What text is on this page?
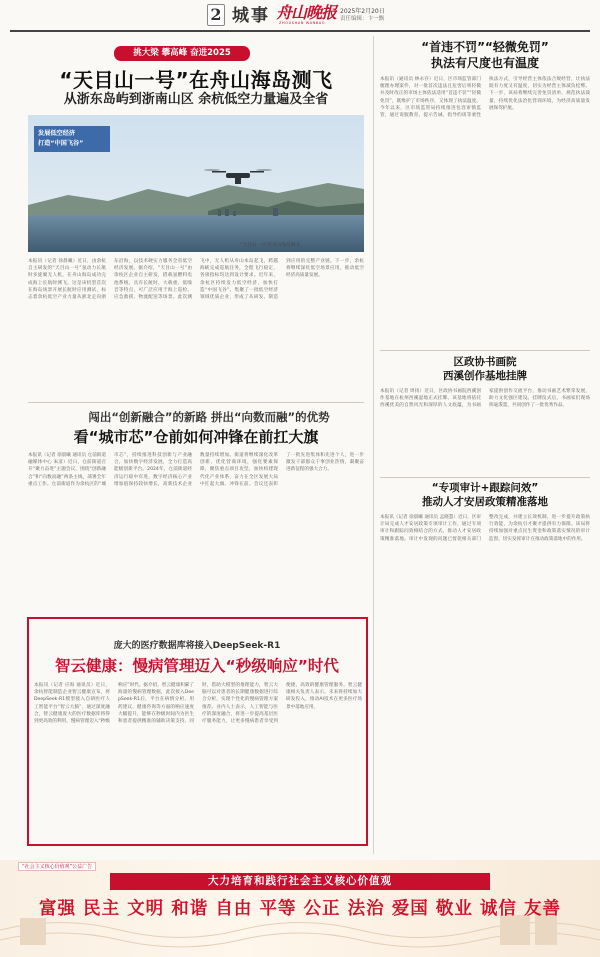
2 城事 舟山晚报
ZHOUSHAN WANBAO
2025年2月20日
责任编辑：卞一飘
挑大梁 攀高峰 奋进2025
“天目山一号”在舟山海岛测飞
从浙东岛屿到浙南山区 余杭低空力量遍及全省
发展低空经济
打造“中国飞谷”
“天目山一号”在舟山海岛测飞
本报讯（记者 徐晨曦）近日，由余杭自主研发的“天目山一号”氢动力长航时多旋翼无人机，在舟山海岛成功完成海上长航时测飞。这是该机型首次在海岛场景开展长航时应用测试，标志着余杭低空产业力量从浙北走向浙东沿海，以技术硬实力服务全省低空经济发展。据介绍，“天目山一号”由余杭区企业自主研发，搭载氢燃料电池系统，具有长航时、大载重、低噪音等特点，可广泛应用于海上巡检、应急救援、物流配送等场景。此次测飞中，无人机从舟山本岛起飞，跨越海峡完成巡航任务，全程飞行稳定，各项指标均达到设计要求。近年来，余杭区持续发力低空经济，加快打造“中国飞谷”，集聚了一批低空经济领域优质企业，形成了从研发、制造到应用的完整产业链。下一步，余杭将继续深化低空场景应用，推动低空经济高质量发展。
闯出“创新融合”的新路 拼出“向数而融”的优势
看“城市芯”仓前如何冲锋在前扛大旗
本报讯（记者 徐晨曦 通讯员 仓前街道融媒体中心 朱彦）近日，仓前街道召开“聚力奋进”主题会议，围绕“创新融合”和“向数而融”两条主线，部署全年重点工作。仓前街道作为余杭区的“城市芯”，持续推进科技创新与产业融合，加快数字经济发展，全力打造高能级创新平台。2024年，仓前街道经济运行稳中有进，数字经济核心产业增加值保持较快增长，高新技术企业数量持续增加。街道将继续深化改革创新，优化营商环境，强化要素保障，聚焦重点项目攻坚，加快构建现代化产业体系，奋力在全区发展大局中扛起大旗、冲锋在前。会议还表彰了一批先进集体和先进个人，进一步激发干部群众干事创业热情，凝聚奋进新征程的强大合力。
庞大的医疗数据库将接入DeepSeek-R1
智云健康：慢病管理迈入“秒级响应”时代
本报讯（记者 应海 通讯员）近日，余杭智能制造企业智云健康宣布，将DeepSeek-R1模型接入自研医疗人工智能平台“智云大脑”，通过深度融合，智云健康庞大的医疗数据库将得到更高效的利用，慢病管理迈入“秒级响应”时代。据介绍，智云健康积累了海量的慢病管理数据，此次接入DeepSeek-R1后，平台在病情分析、用药建议、健康咨询等方面的响应速度大幅提升，能够在秒级时间内为医生和患者提供精准的辅助决策支持。同时，借助大模型的推理能力，智云大脑可以对患者的长期健康数据进行综合分析，实现个性化的慢病管理方案推荐。业内人士表示，人工智能与医疗的深度融合，将进一步提高基层医疗服务能力，让更多慢病患者享受到便捷、高效的健康管理服务。智云健康相关负责人表示，未来将持续加大研发投入，推动AI技术在更多医疗场景中落地应用。
“首违不罚”“轻微免罚”
执法有尺度也有温度
本报讯（通讯员 林永存）近日，区市场监管部门梳理办理案件，对一批首次违法且危害后果轻微并及时改正的市场主体依法适用“首违不罚”“轻微免罚”，既维护了市场秩序，又体现了执法温度。今年以来，区市场监管局持续推进包容审慎监管，通过说服教育、提示告诫、指导约谈等柔性执法方式，引导经营主体依法合规经营，让执法既有力度又有温度，切实为经营主体减负松绑。下一步，该局将继续完善免罚清单，规范执法裁量，持续优化法治化营商环境，为经济高质量发展保驾护航。
区政协书画院
西溪创作基地挂牌
本报讯（记者 周扬）近日，区政协书画院西溪创作基地在杭州西溪湿地正式挂牌。该基地将依托西溪优美的自然风光和深厚的人文底蕴，为书画家提供创作交流平台，推动书画艺术繁荣发展，助力文化强区建设。挂牌仪式后，书画家们现场挥毫泼墨，共同创作了一批优秀作品。
“专项审计+跟踪问效”
推动人才安居政策精准落地
本报讯（记者 徐晨曦 通讯员 孟晓慧）近日，区审计局完成人才安居政策专项审计工作，通过专项审计和跟踪问效相结合的方式，推动人才安居政策精准落地。审计中发现的问题已督促相关部门整改完成，并建立长效机制，进一步提升政策执行效能，为余杭引才聚才提供有力保障。该局将持续加强对重点民生资金和政策落实情况的审计监督，切实发挥审计在推动政策落地中的作用。
“社会主义核心价值观”公益广告
大力培育和践行社会主义核心价值观
富强 民主 文明 和谐 自由 平等 公正 法治 爱国 敬业 诚信 友善
